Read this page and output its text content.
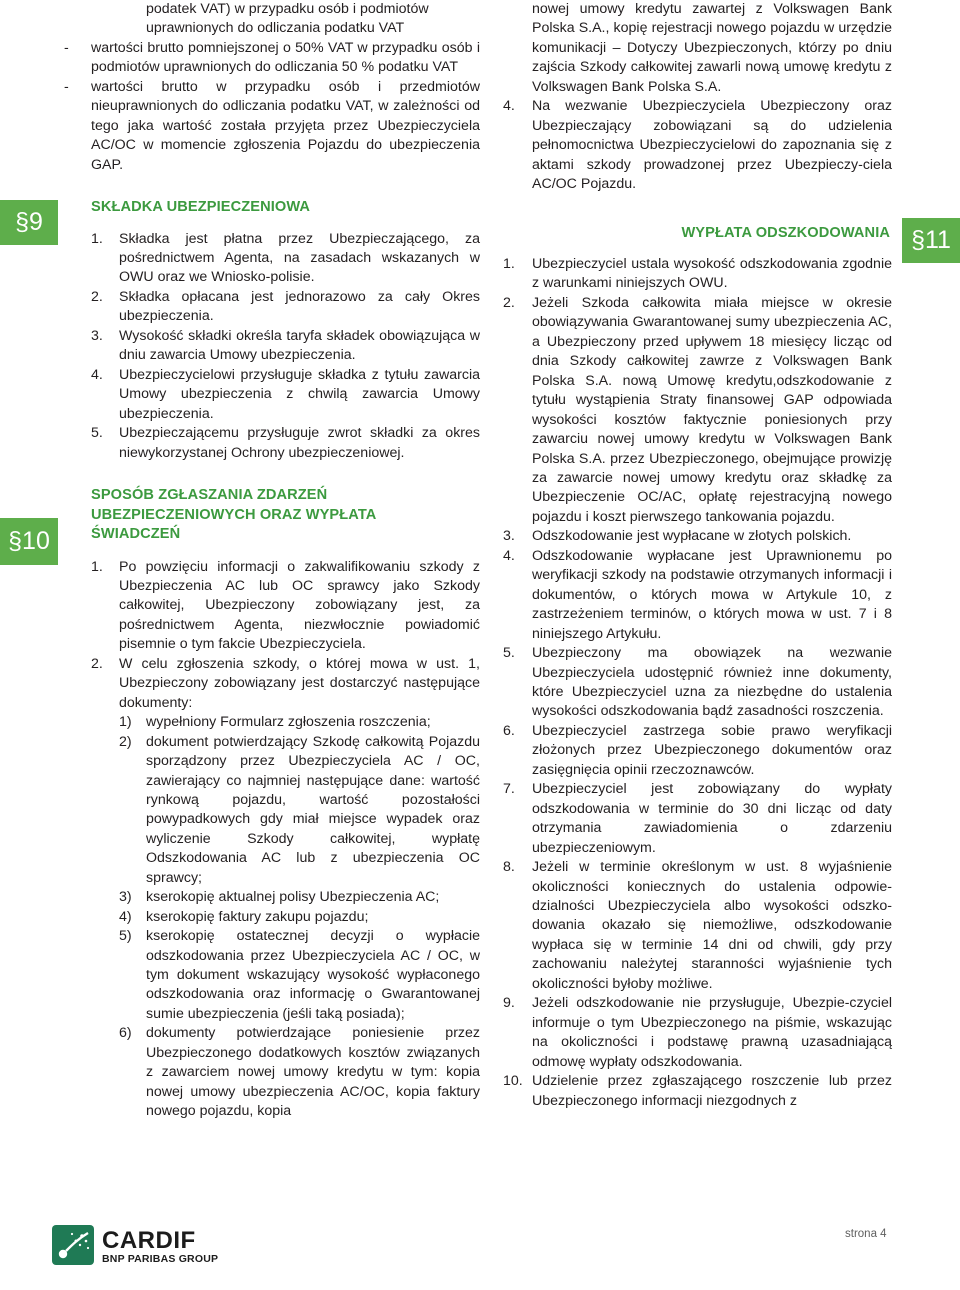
§9
§10
§11
podatek VAT) w przypadku osób i podmiotów
uprawnionych do odliczania podatku VAT
-	wartości brutto pomniejszonej o 50% VAT w przypadku osób i podmiotów uprawnionych do odliczania 50 % podatku VAT
-	wartości brutto w przypadku osób i przedmiotów nieuprawnionych do odliczania podatku VAT, w zależności od tego jaka wartość została przyjęta przez Ubezpieczyciela AC/OC w momencie zgłoszenia Pojazdu do ubezpieczenia GAP.
SKŁADKA UBEZPIECZENIOWA
1.	Składka jest płatna przez Ubezpieczającego, za pośrednictwem Agenta, na zasadach wskazanych w OWU oraz we Wniosko-polisie.
2.	Składka opłacana jest jednorazowo za cały Okres ubezpieczenia.
3.	Wysokość składki określa taryfa składek obowiązująca w dniu zawarcia Umowy ubezpieczenia.
4.	Ubezpieczycielowi przysługuje składka z tytułu zawarcia Umowy ubezpieczenia z chwilą zawarcia Umowy ubezpieczenia.
5.	Ubezpieczającemu przysługuje zwrot składki za okres niewykorzystanej Ochrony ubezpieczeniowej.
SPOSÓB ZGŁASZANIA ZDARZEŃ UBEZPIECZENIOWYCH ORAZ WYPŁATA ŚWIADCZEŃ
1.	Po powzięciu informacji o zakwalifikowaniu szkody z Ubezpieczenia AC lub OC sprawcy jako Szkody całkowitej, Ubezpieczony zobowiązany jest, za pośrednictwem Agenta, niezwłocznie powiadomić pisemnie o tym fakcie Ubezpieczyciela.
2.	W celu zgłoszenia szkody, o której mowa w ust. 1, Ubezpieczony zobowiązany jest dostarczyć następujące dokumenty:
1)	wypełniony Formularz zgłoszenia roszczenia;
2)	dokument potwierdzający Szkodę całkowitą Pojazdu sporządzony przez Ubezpieczyciela AC / OC, zawierający co najmniej następujące dane: wartość rynkową pojazdu, wartość pozostałości powypadkowych gdy miał miejsce wypadek oraz wyliczenie Szkody całkowitej, wypłatę Odszkodowania AC lub z ubezpieczenia OC sprawcy;
3)	kserokopię aktualnej polisy Ubezpieczenia AC;
4)	kserokopię faktury zakupu pojazdu;
5)	kserokopię ostatecznej decyzji o wypłacie odszkodowania przez Ubezpieczyciela AC / OC, w tym dokument wskazujący wysokość wypłaconego odszkodowania oraz informację o Gwarantowanej sumie ubezpieczenia (jeśli taką posiada);
6)	dokumenty potwierdzające poniesienie przez Ubezpieczonego dodatkowych kosztów związanych z zawarciem nowej umowy kredytu w tym: kopia nowej umowy ubezpieczenia AC/OC, kopia faktury nowego pojazdu, kopia
nowej umowy kredytu zawartej z Volkswagen Bank Polska S.A., kopię rejestracji nowego pojazdu w urzędzie komunikacji – Dotyczy Ubezpieczonych, którzy po dniu zajścia Szkody całkowitej zawarli nową umowę kredytu z Volkswagen Bank Polska S.A.
4.	Na wezwanie Ubezpieczyciela Ubezpieczony oraz Ubezpieczający zobowiązani są do udzielenia pełnomocnictwa Ubezpieczycielowi do zapoznania się z aktami szkody prowadzonej przez Ubezpieczy-ciela AC/OC Pojazdu.
WYPŁATA ODSZKODOWANIA
1.	Ubezpieczyciel ustala wysokość odszkodowania zgodnie z warunkami niniejszych OWU.
2.	Jeżeli Szkoda całkowita miała miejsce w okresie obowiązywania Gwarantowanej sumy ubezpieczenia AC, a Ubezpieczony przed upływem 18 miesięcy licząc od dnia Szkody całkowitej zawrze z Volkswagen Bank Polska S.A. nową Umowę kredytu,odszkodowanie z tytułu wystąpienia Straty finansowej GAP odpowiada wysokości kosztów faktycznie poniesionych przy zawarciu nowej umowy kredytu w Volkswagen Bank Polska S.A. przez Ubezpieczonego, obejmujące prowizję za zawarcie nowej umowy kredytu oraz składkę za Ubezpieczenie OC/AC, opłatę rejestracyjną nowego pojazdu i koszt pierwszego tankowania pojazdu.
3.	Odszkodowanie jest wypłacane w złotych polskich.
4.	Odszkodowanie wypłacane jest Uprawnionemu po weryfikacji szkody na podstawie otrzymanych informacji i dokumentów, o których mowa w Artykule 10, z zastrzeżeniem terminów, o których mowa w ust. 7 i 8 niniejszego Artykułu.
5.	Ubezpieczony ma obowiązek na wezwanie Ubezpieczyciela udostępnić również inne dokumenty, które Ubezpieczyciel uzna za niezbędne do ustalenia wysokości odszkodowania bądź zasadności roszczenia.
6.	Ubezpieczyciel zastrzega sobie prawo weryfikacji złożonych przez Ubezpieczonego dokumentów oraz zasięgnięcia opinii rzeczoznawców.
7.	Ubezpieczyciel jest zobowiązany do wypłaty odszkodowania w terminie do 30 dni licząc od daty otrzymania zawiadomienia o zdarzeniu ubezpieczeniowym.
8.	Jeżeli w terminie określonym w ust. 8 wyjaśnienie okoliczności koniecznych do ustalenia odpowie-dzialności Ubezpieczyciela albo wysokości odszko-dowania okazało się niemożliwe, odszkodowanie wypłaca się w terminie 14 dni od chwili, gdy przy zachowaniu należytej staranności wyjaśnienie tych okoliczności byłoby możliwe.
9.	Jeżeli odszkodowanie nie przysługuje, Ubezpie-czyciel informuje o tym Ubezpieczonego na piśmie, wskazując na okoliczności i podstawę prawną uzasadniającą odmowę wypłaty odszkodowania.
10. Udzielenie przez zgłaszającego roszczenie lub przez Ubezpieczonego informacji niezgodnych z
CARDIF
BNP PARIBAS GROUP
OGÓLNE WARUNKI UBEZPIECZENIA DLAKREDYTOBIORCÓW
NA WYPADEK STRATY FINANSOWEJ GAP
O INDEKSIE VW/CARGAPMTE_3_1.0/2015
strona 4
